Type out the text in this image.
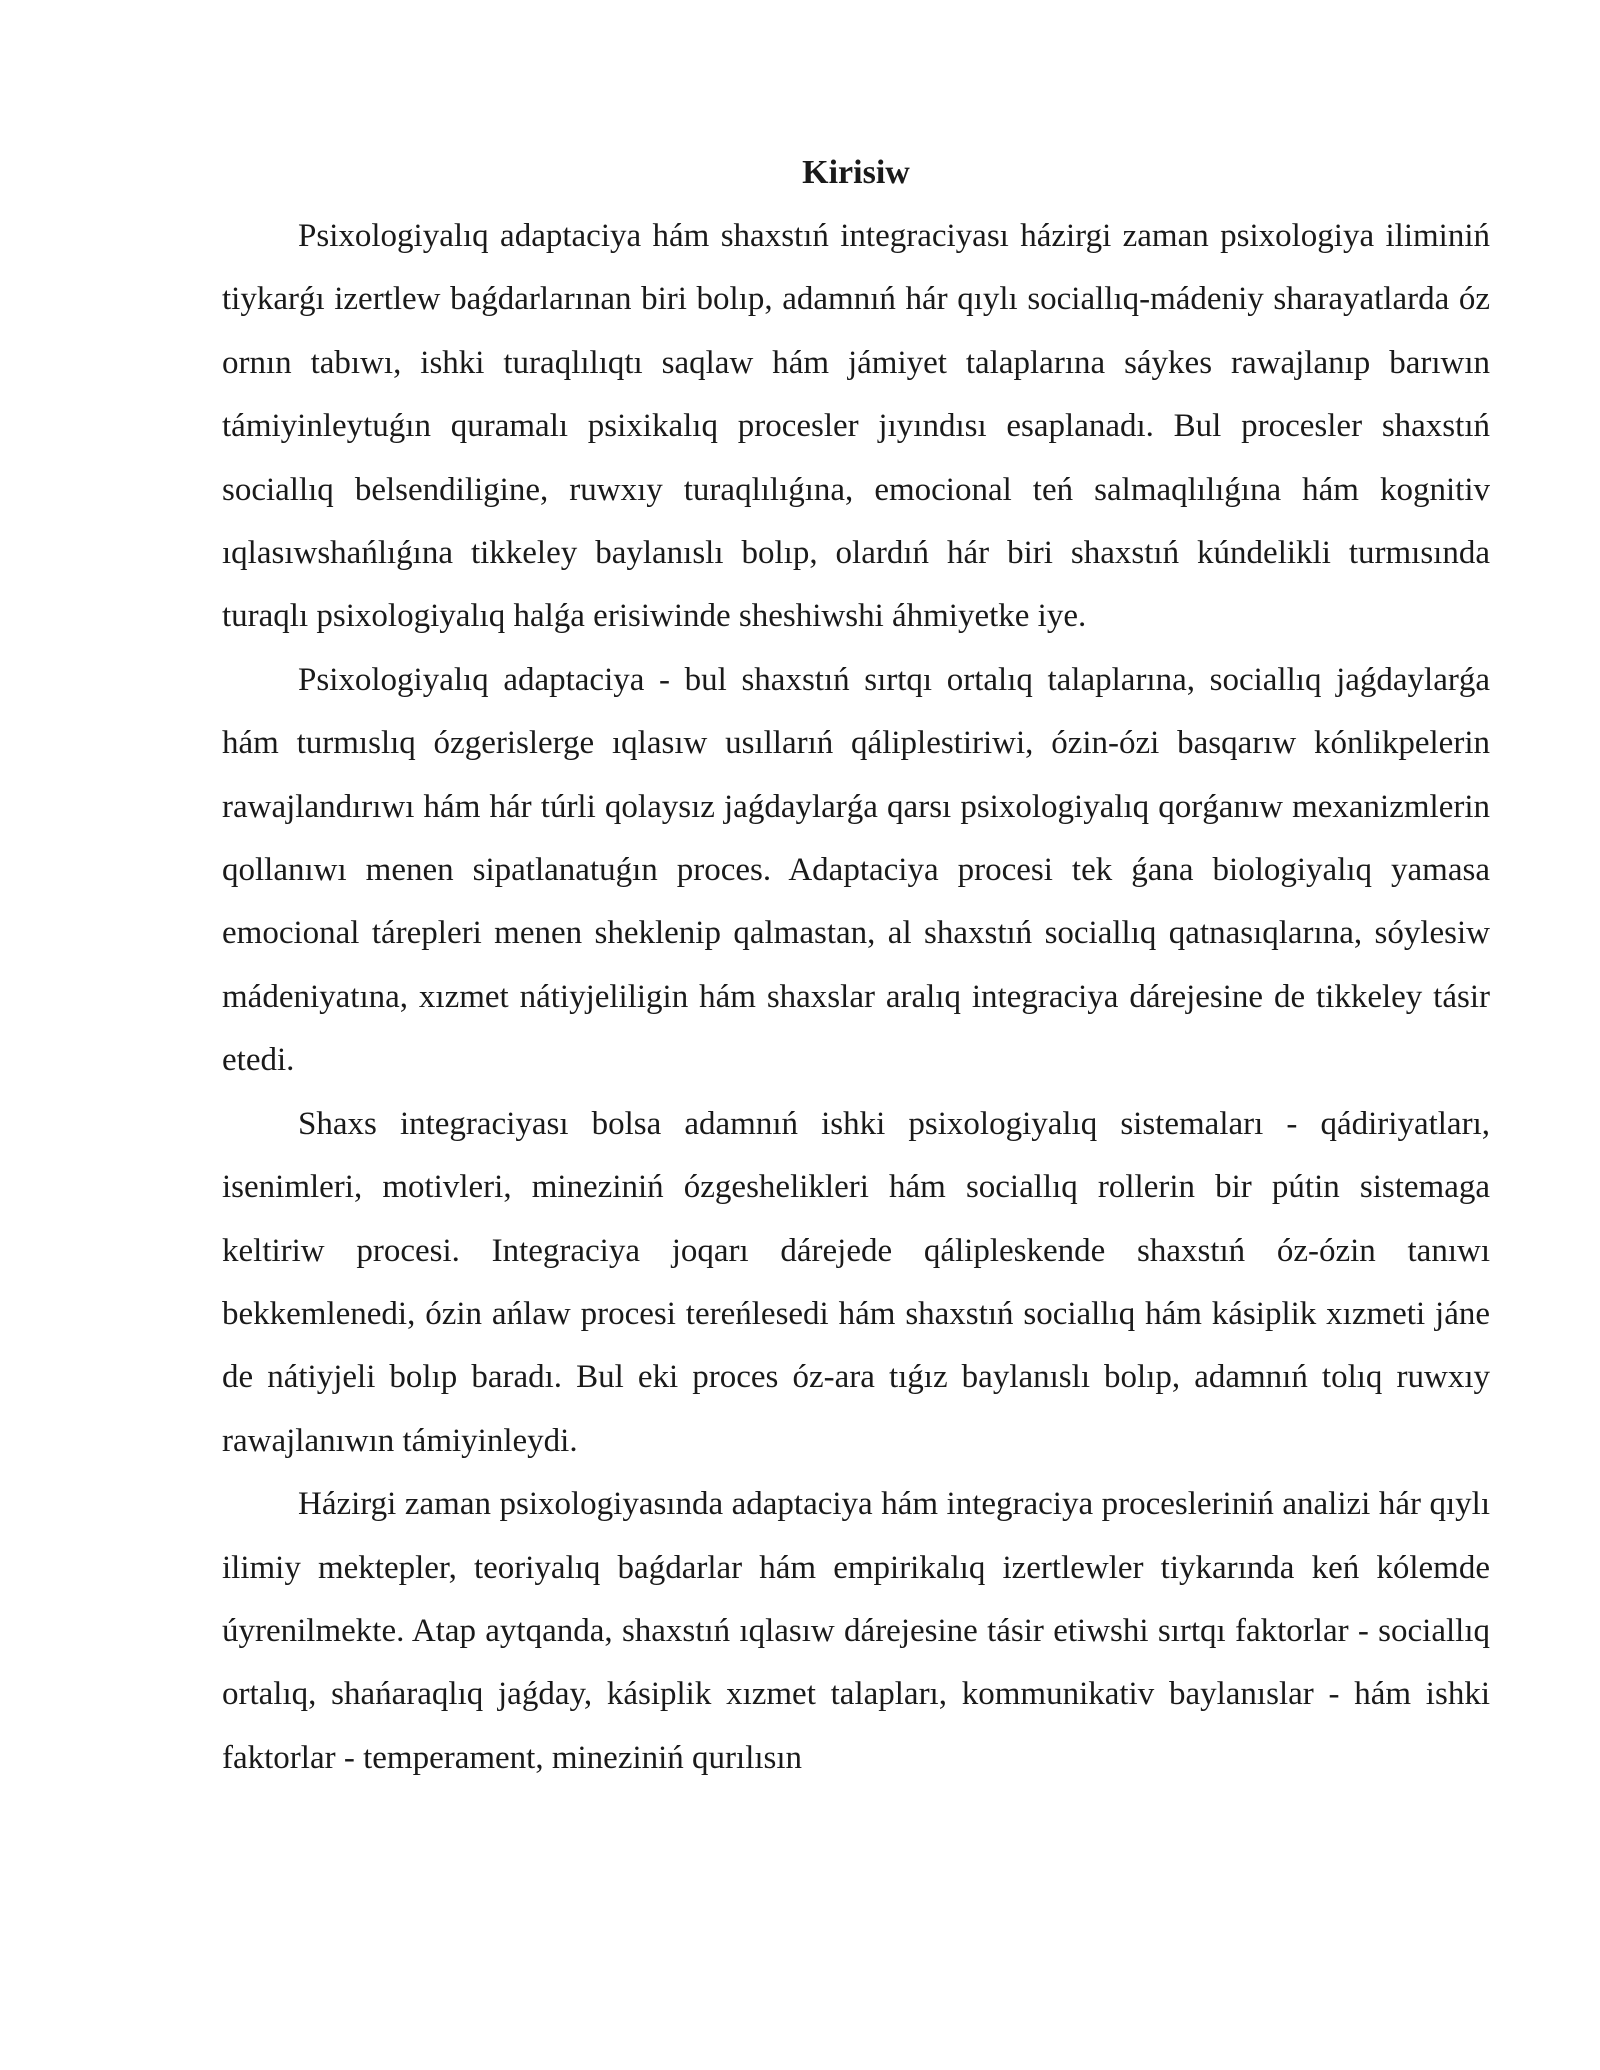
Kirisiw

Psixologiyalıq adaptaciya hám shaxstıń integraciyası házirgi zaman psixologiya iliminiń tiykarǵı izertlew baǵdarlarınan biri bolıp, adamnıń hár qıylı sociallıq-mádeniy sharayatlarda óz ornın tabıwı, ishki turaqlılıqtı saqlaw hám jámiyet talaplarına sáykes rawajlanıp barıwın támiyinleytuǵın quramalı psixikalıq procesler jıyındısı esaplanadı. Bul procesler shaxstıń sociallıq belsendiligine, ruwxıy turaqlılıǵına, emocional teń salmaqlılıǵına hám kognitiv ıqlasıwshańlıǵına tikkeley baylanıslı bolıp, olardıń hár biri shaxstıń kúndelikli turmısında turaqlı psixologiyalıq halǵa erisiwinde sheshiwshi áhmiyetke iye.

Psixologiyalıq adaptaciya - bul shaxstıń sırtqı ortalıq talaplarına, sociallıq jaǵdaylarǵa hám turmıslıq ózgerislerge ıqlasıw usıllarıń qáliplestiriwi, ózin-ózi basqarıw kónlikpelerin rawajlandırıwı hám hár túrli qolaysız jaǵdaylarǵa qarsı psixologiyalıq qorǵanıw mexanizmlerin qollanıwı menen sipatlanatuǵın proces. Adaptaciya procesi tek ǵana biologiyalıq yamasa emocional tárepleri menen sheklenip qalmastan, al shaxstıń sociallıq qatnasıqlarına, sóylesiw mádeniyatına, xızmet nátiyjeliligin hám shaxslar aralıq integraciya dárejesine de tikkeley tásir etedi.

Shaxs integraciyası bolsa adamnıń ishki psixologiyalıq sistemaları - qádiriyatları, isenimleri, motivleri, mineziniń ózgeshelikleri hám sociallıq rollerin bir pútin sistemaga keltiriw procesi. Integraciya joqarı dárejede qálipleskende shaxstıń óz-ózin tanıwı bekkemlenedi, ózin ańlaw procesi tereńlesedi hám shaxstıń sociallıq hám kásiplik xızmeti jáne de nátiyjeli bolıp baradı. Bul eki proces óz-ara tıǵız baylanıslı bolıp, adamnıń tolıq ruwxıy rawajlanıwın támiyinleydi.

Házirgi zaman psixologiyasında adaptaciya hám integraciya procesleriniń analizi hár qıylı ilimiy mektepler, teoriyalıq baǵdarlar hám empirikalıq izertlewler tiykarında keń kólemde úyrenilmekte. Atap aytqanda, shaxstıń ıqlasıw dárejesine tásir etiwshi sırtqı faktorlar - sociallıq ortalıq, shańaraqlıq jaǵday, kásiplik xızmet talapları, kommunikativ baylanıslar - hám ishki faktorlar - temperament, mineziniń qurılısın
